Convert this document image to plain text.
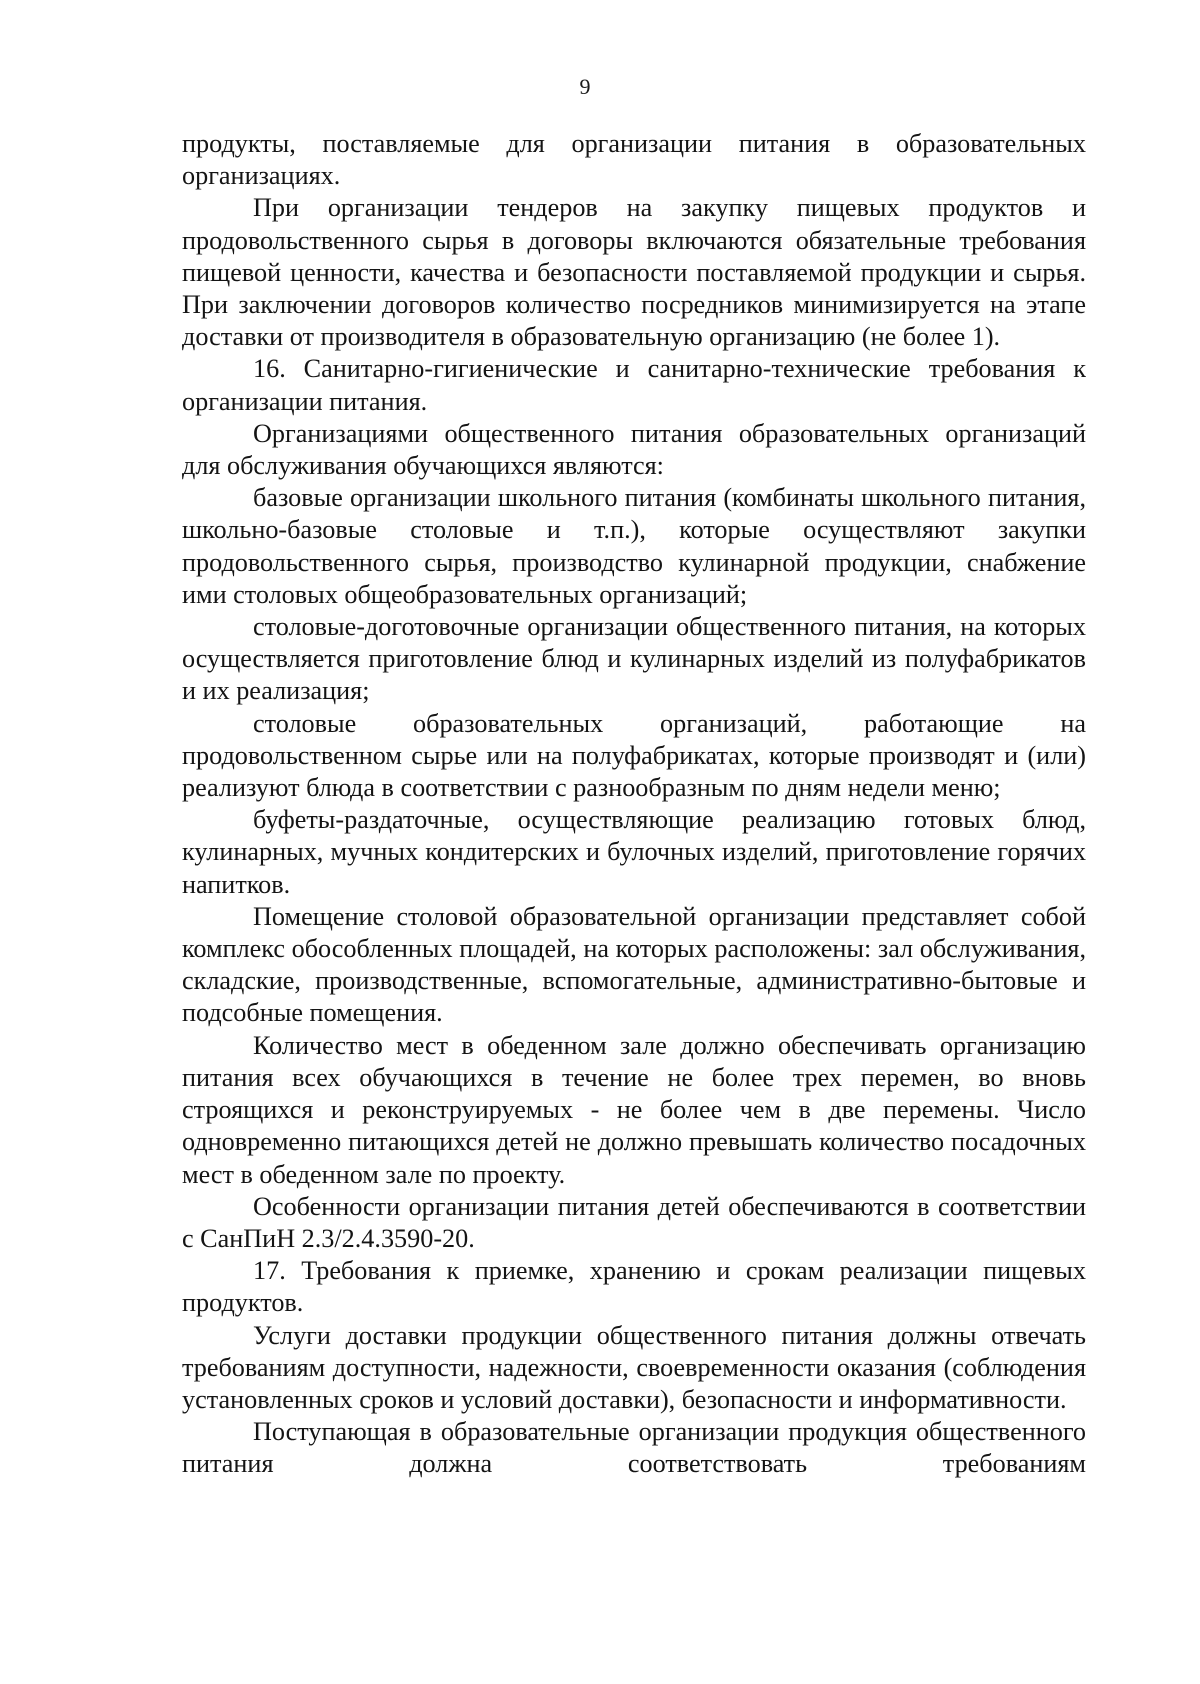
9

продукты, поставляемые для организации питания в образовательных организациях.

При организации тендеров на закупку пищевых продуктов и продовольственного сырья в договоры включаются обязательные требования пищевой ценности, качества и безопасности поставляемой продукции и сырья. При заключении договоров количество посредников минимизируется на этапе доставки от производителя в образовательную организацию (не более 1).

16. Санитарно-гигиенические и санитарно-технические требования к организации питания.

Организациями общественного питания образовательных организаций для обслуживания обучающихся являются:

базовые организации школьного питания (комбинаты школьного питания, школьно-базовые столовые и т.п.), которые осуществляют закупки продовольственного сырья, производство кулинарной продукции, снабжение ими столовых общеобразовательных организаций;

столовые-доготовочные организации общественного питания, на которых осуществляется приготовление блюд и кулинарных изделий из полуфабрикатов и их реализация;

столовые образовательных организаций, работающие на продовольственном сырье или на полуфабрикатах, которые производят и (или) реализуют блюда в соответствии с разнообразным по дням недели меню;

буфеты-раздаточные, осуществляющие реализацию готовых блюд, кулинарных, мучных кондитерских и булочных изделий, приготовление горячих напитков.

Помещение столовой образовательной организации представляет собой комплекс обособленных площадей, на которых расположены: зал обслуживания, складские, производственные, вспомогательные, административно-бытовые и подсобные помещения.

Количество мест в обеденном зале должно обеспечивать организацию питания всех обучающихся в течение не более трех перемен, во вновь строящихся и реконструируемых - не более чем в две перемены. Число одновременно питающихся детей не должно превышать количество посадочных мест в обеденном зале по проекту.

Особенности организации питания детей обеспечиваются в соответствии с СанПиН 2.3/2.4.3590-20.

17. Требования к приемке, хранению и срокам реализации пищевых продуктов.

Услуги доставки продукции общественного питания должны отвечать требованиям доступности, надежности, своевременности оказания (соблюдения установленных сроков и условий доставки), безопасности и информативности.

Поступающая в образовательные организации продукция общественного питания должна соответствовать требованиям
